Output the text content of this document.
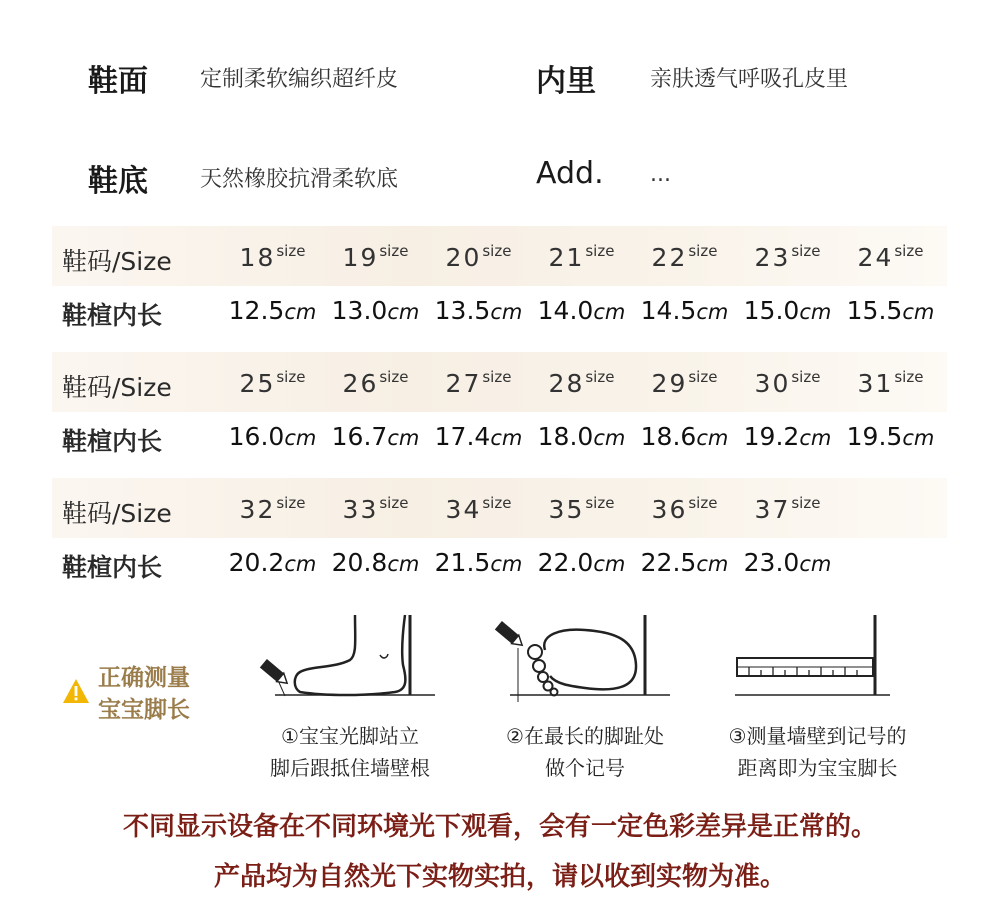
鞋面 定制柔软编织超纤皮	内里 亲肤透气呼吸孔皮里
鞋底 天然橡胶抗滑柔软底	Add. ...
鞋码/Size	18size	19size	20size	21size	22size	23size	24size
鞋楦内长	12.5cm 13.0cm 13.5cm 14.0cm 14.5cm 15.0cm 15.5cm
鞋码/Size	25size	26size	27size	28size	29size	30size	31size
鞋楦内长	16.0cm 16.7cm 17.4cm 18.0cm 18.6cm 19.2cm 19.5cm
鞋码/Size	32size	33size	34size	35size	36size	37size
鞋楦内长	20.2cm 20.8cm 21.5cm 22.0cm 22.5cm 23.0cm
正确测量
宝宝脚长
①宝宝光脚站立
脚后跟抵住墙壁根
②在最长的脚趾处
做个记号
③测量墙壁到记号的
距离即为宝宝脚长
不同显示设备在不同环境光下观看，会有一定色彩差异是正常的。
产品均为自然光下实物实拍，请以收到实物为准。
